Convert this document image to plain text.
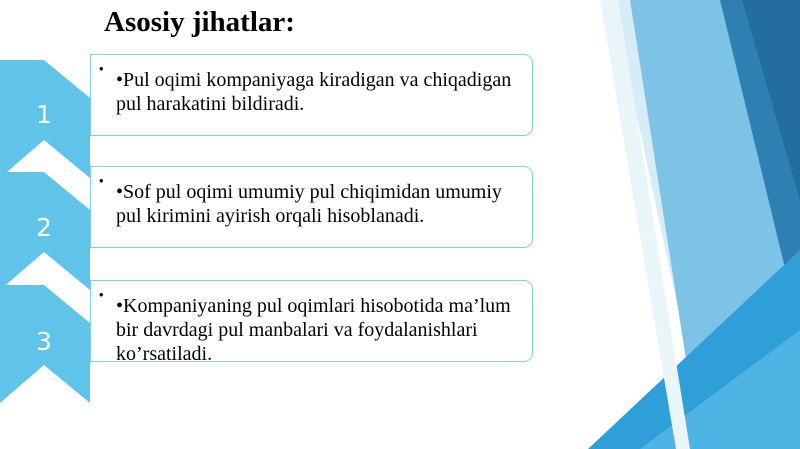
Asosiy jihatlar:
1
•
•Pul oqimi kompaniyaga kiradigan va chiqadigan pul harakatini bildiradi.
2
•
•Sof pul oqimi umumiy pul chiqimidan umumiy pul kirimini ayirish orqali hisoblanadi.
3
•
•Kompaniyaning pul oqimlari hisobotida ma’lum bir davrdagi pul manbalari va foydalanishlari ko’rsatiladi.
